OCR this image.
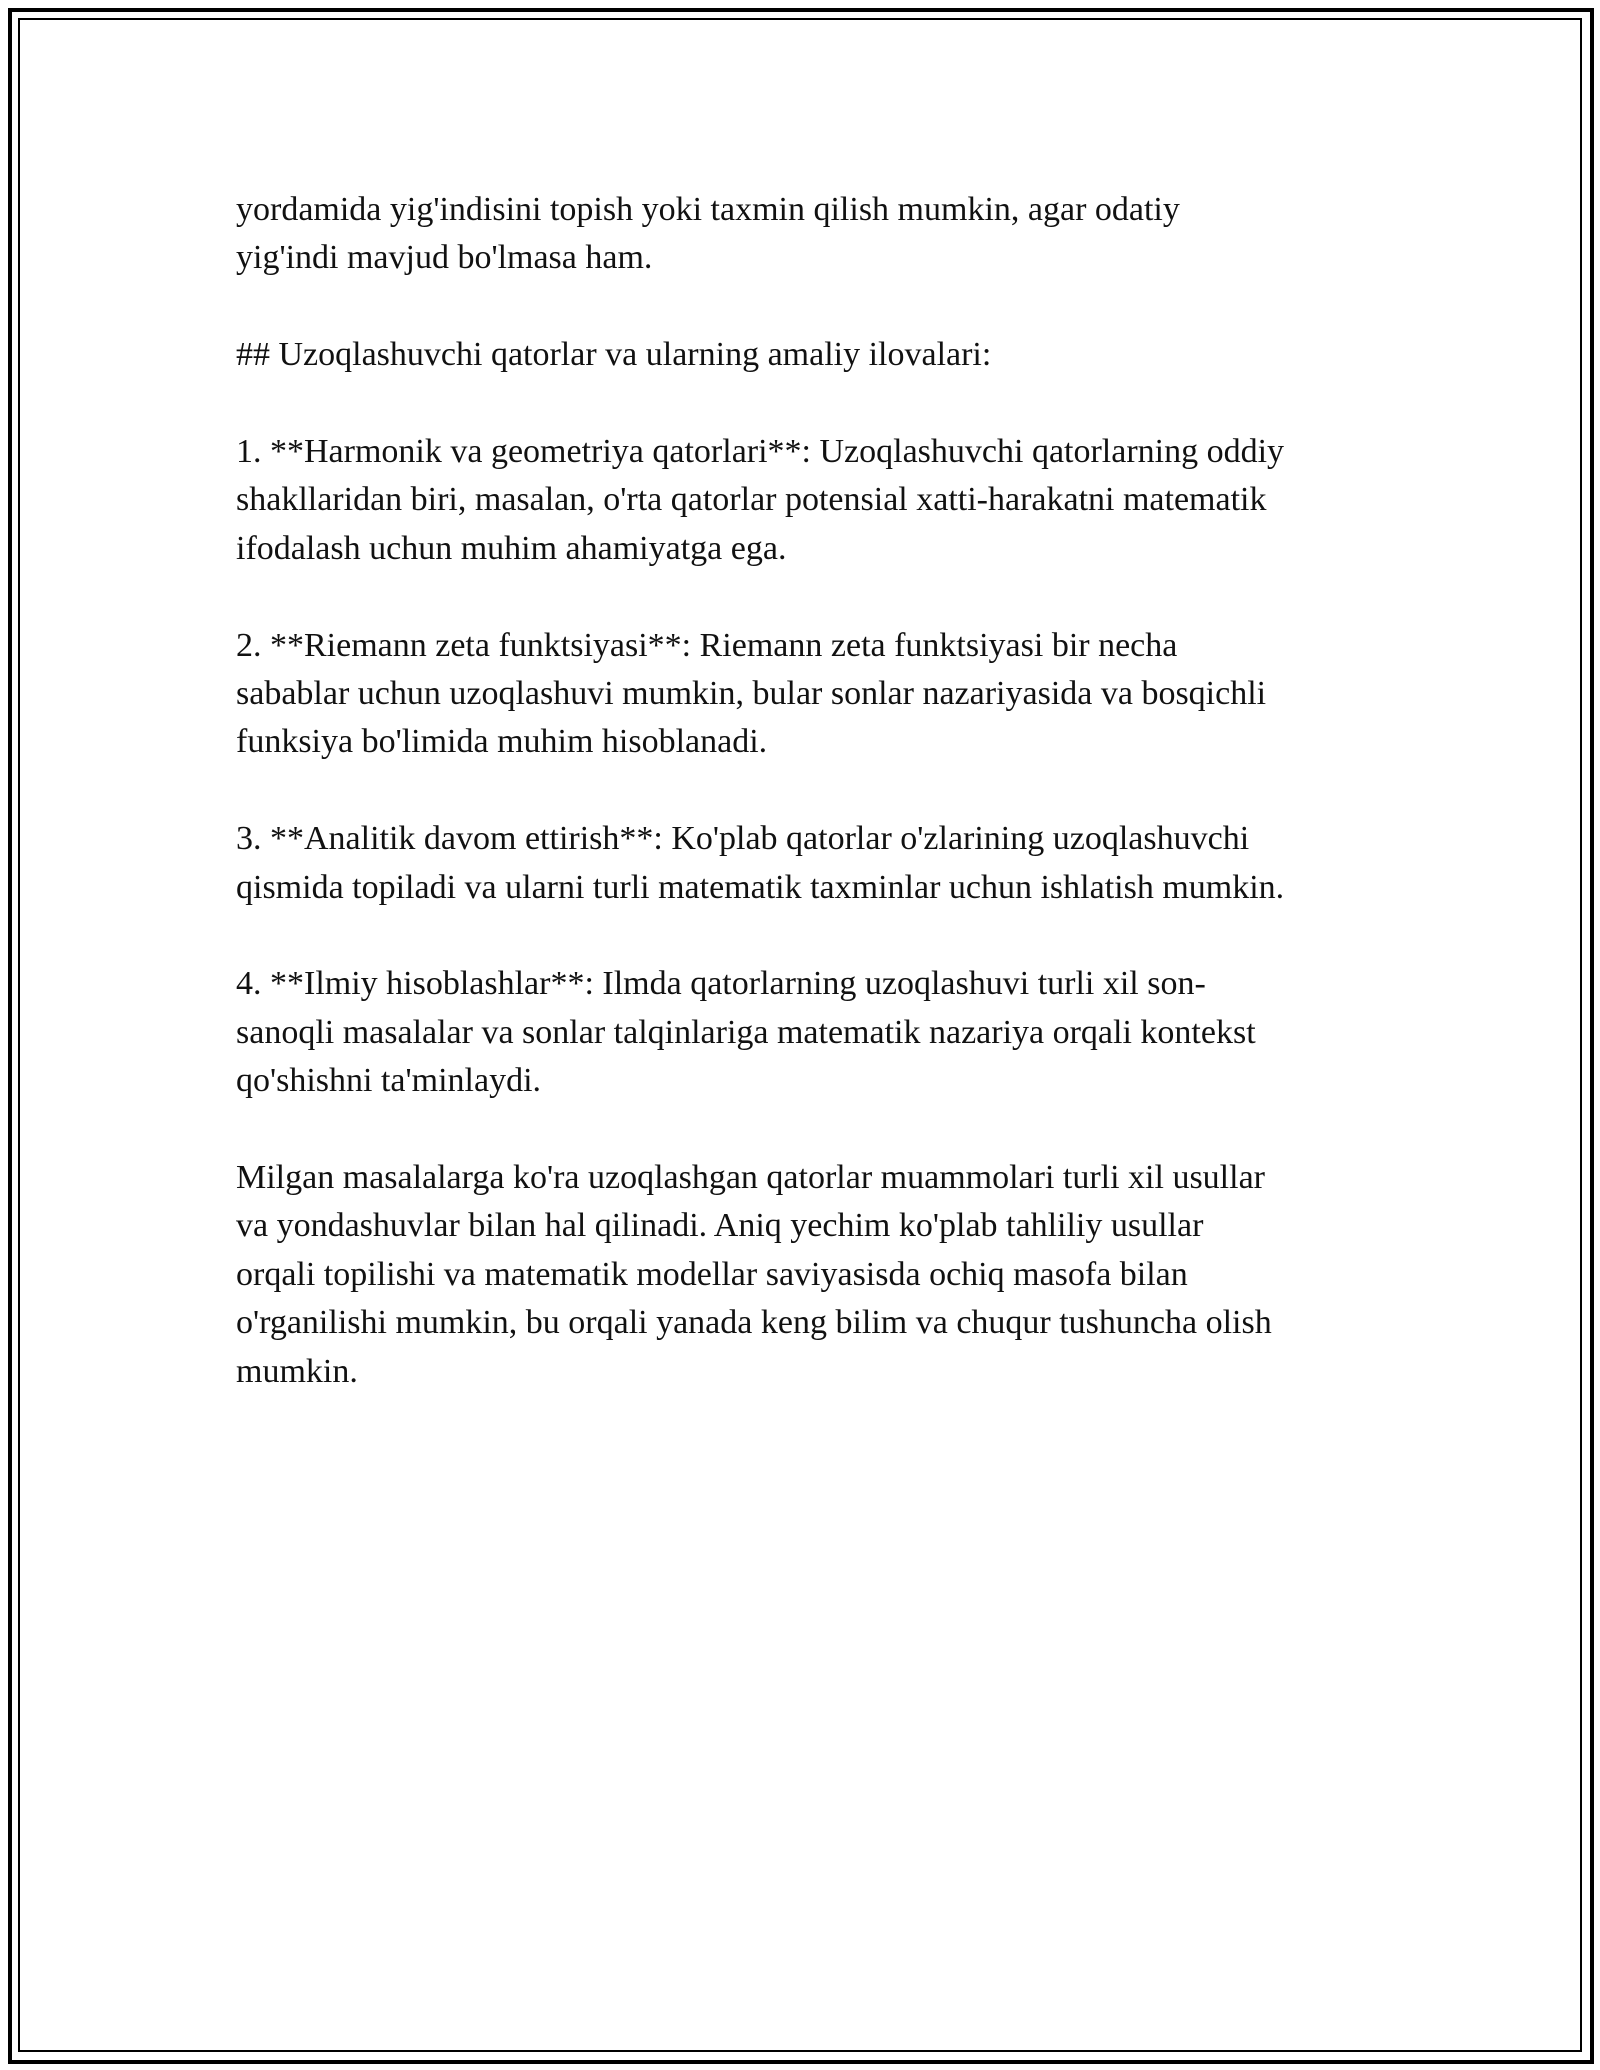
yordamida yig'indisini topish yoki taxmin qilish mumkin, agar odatiy
yig'indi mavjud bo'lmasa ham.

## Uzoqlashuvchi qatorlar va ularning amaliy ilovalari:

1. **Harmonik va geometriya qatorlari**: Uzoqlashuvchi qatorlarning oddiy
shakllaridan biri, masalan, o'rta qatorlar potensial xatti-harakatni matematik
ifodalash uchun muhim ahamiyatga ega.

2. **Riemann zeta funktsiyasi**: Riemann zeta funktsiyasi bir necha
sabablar uchun uzoqlashuvi mumkin, bular sonlar nazariyasida va bosqichli
funksiya bo'limida muhim hisoblanadi.

3. **Analitik davom ettirish**: Ko'plab qatorlar o'zlarining uzoqlashuvchi
qismida topiladi va ularni turli matematik taxminlar uchun ishlatish mumkin.

4. **Ilmiy hisoblashlar**: Ilmda qatorlarning uzoqlashuvi turli xil son-
sanoqli masalalar va sonlar talqinlariga matematik nazariya orqali kontekst
qo'shishni ta'minlaydi.

Milgan masalalarga ko'ra uzoqlashgan qatorlar muammolari turli xil usullar
va yondashuvlar bilan hal qilinadi. Aniq yechim ko'plab tahliliy usullar
orqali topilishi va matematik modellar saviyasisda ochiq masofa bilan
o'rganilishi mumkin, bu orqali yanada keng bilim va chuqur tushuncha olish
mumkin.
